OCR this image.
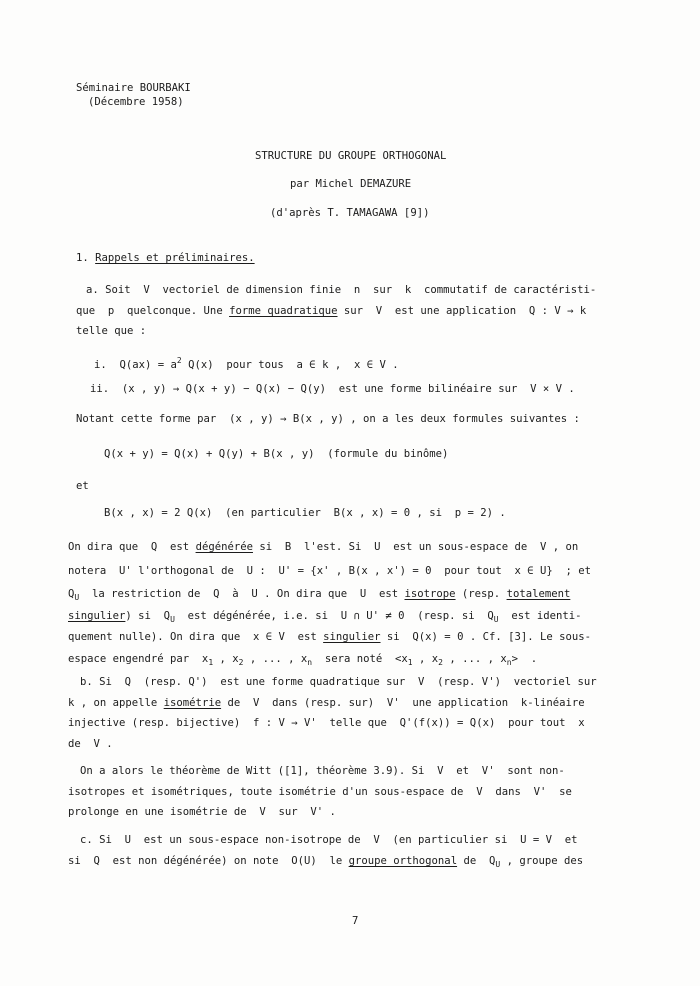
Séminaire BOURBAKI
(Décembre 1958)
STRUCTURE DU GROUPE ORTHOGONAL
par Michel DEMAZURE
(d'après T. TAMAGAWA [9])
1. Rappels et préliminaires.
a. Soit  V  vectoriel de dimension finie  n  sur  k  commutatif de caractéristi-
que  p  quelconque. Une forme quadratique sur  V  est une application  Q : V → k
telle que :
i.  $Q(ax) = a^2$ Q(x)  pour tous  a ∈ k ,  x ∈ V .
ii.  (x , y) → Q(x + y) − Q(x) − Q(y)  est une forme bilinéaire sur  V × V .
Notant cette forme par  (x , y) → B(x , y) , on a les deux formules suivantes :
Q(x + y) = Q(x) + Q(y) + B(x , y)  (formule du binôme)
et
B(x , x) = 2 Q(x)  (en particulier  B(x , x) = 0 , si  p = 2) .
On dira que  Q  est dégénérée si  B  l'est. Si  U  est un sous-espace de  V , on
notera  U' l'orthogonal de  U :  U' = {x' , B(x , x') = 0  pour tout  x ∈ U}  ; et
$Q_U$  la restriction de  Q  à  U . On dira que  U  est isotrope (resp. totalement
singulier) si  $Q_U$  est dégénérée, i.e. si  U ∩ U' ≠ 0  (resp. si  $Q_U$  est identi-
quement nulle). On dira que  x ∈ V  est singulier si  Q(x) = 0 . Cf. [3]. Le sous-
espace engendré par  $x_1$ , $x_2$ , ... , $x_n$  sera noté  $<x_1$ , $x_2$ , ... , $x_n>$  .
b. Si  Q  (resp. Q')  est une forme quadratique sur  V  (resp. V')  vectoriel sur
k , on appelle isométrie de  V  dans (resp. sur)  V'  une application  k-linéaire
injective (resp. bijective)  f : V → V'  telle que  Q'(f(x)) = Q(x)  pour tout  x
de  V .
On a alors le théorème de Witt ([1], théorème 3.9). Si  V  et  V'  sont non-
isotropes et isométriques, toute isométrie d'un sous-espace de  V  dans  V'  se
prolonge en une isométrie de  V  sur  V' .
c. Si  U  est un sous-espace non-isotrope de  V  (en particulier si  U = V  et
si  Q  est non dégénérée) on note  O(U)  le groupe orthogonal de  $Q_U$ , groupe des
7
